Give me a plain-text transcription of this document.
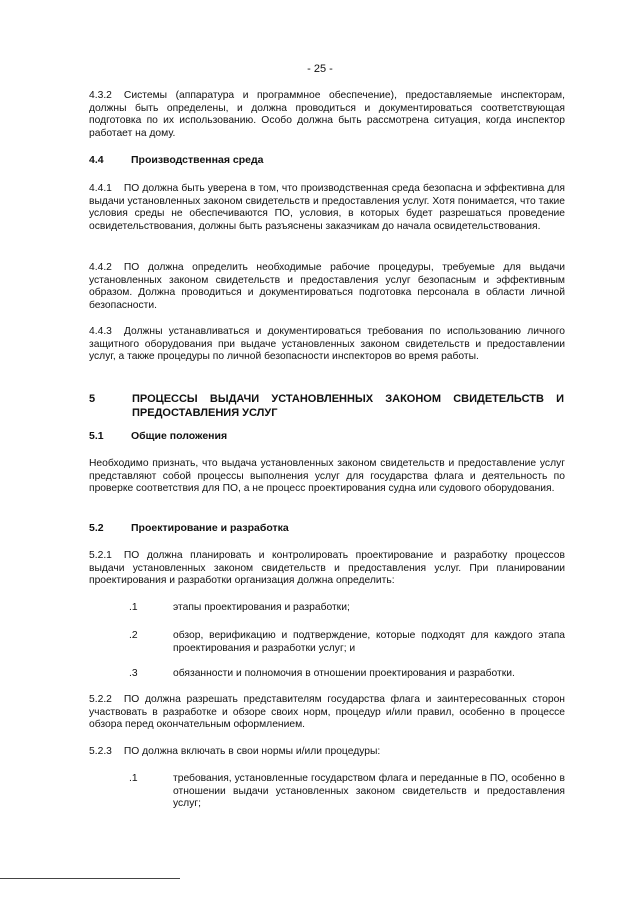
- 25 -
4.3.2 Системы (аппаратура и программное обеспечение), предоставляемые инспекторам, должны быть определены, и должна проводиться и документироваться соответствующая подготовка по их использованию. Особо должна быть рассмотрена ситуация, когда инспектор работает на дому.
4.4	Производственная среда
4.4.1 ПО должна быть уверена в том, что производственная среда безопасна и эффективна для выдачи установленных законом свидетельств и предоставления услуг. Хотя понимается, что такие условия среды не обеспечиваются ПО, условия, в которых будет разрешаться проведение освидетельствования, должны быть разъяснены заказчикам до начала освидетельствования.
4.4.2 ПО должна определить необходимые рабочие процедуры, требуемые для выдачи установленных законом свидетельств и предоставления услуг безопасным и эффективным образом. Должна проводиться и документироваться подготовка персонала в области личной безопасности.
4.4.3 Должны устанавливаться и документироваться требования по использованию личного защитного оборудования при выдаче установленных законом свидетельств и предоставлении услуг, а также процедуры по личной безопасности инспекторов во время работы.
5	ПРОЦЕССЫ ВЫДАЧИ УСТАНОВЛЕННЫХ ЗАКОНОМ СВИДЕТЕЛЬСТВ И ПРЕДОСТАВЛЕНИЯ УСЛУГ
5.1	Общие положения
Необходимо признать, что выдача установленных законом свидетельств и предоставление услуг представляют собой процессы выполнения услуг для государства флага и деятельность по проверке соответствия для ПО, а не процесс проектирования судна или судового оборудования.
5.2	Проектирование и разработка
5.2.1 ПО должна планировать и контролировать проектирование и разработку процессов выдачи установленных законом свидетельств и предоставления услуг. При планировании проектирования и разработки организация должна определить:
.1	этапы проектирования и разработки;
.2	обзор, верификацию и подтверждение, которые подходят для каждого этапа проектирования и разработки услуг; и
.3	обязанности и полномочия в отношении проектирования и разработки.
5.2.2 ПО должна разрешать представителям государства флага и заинтересованных сторон участвовать в разработке и обзоре своих норм, процедур и/или правил, особенно в процессе обзора перед окончательным оформлением.
5.2.3 ПО должна включать в свои нормы и/или процедуры:
.1	требования, установленные государством флага и переданные в ПО, особенно в отношении выдачи установленных законом свидетельств и предоставления услуг;
